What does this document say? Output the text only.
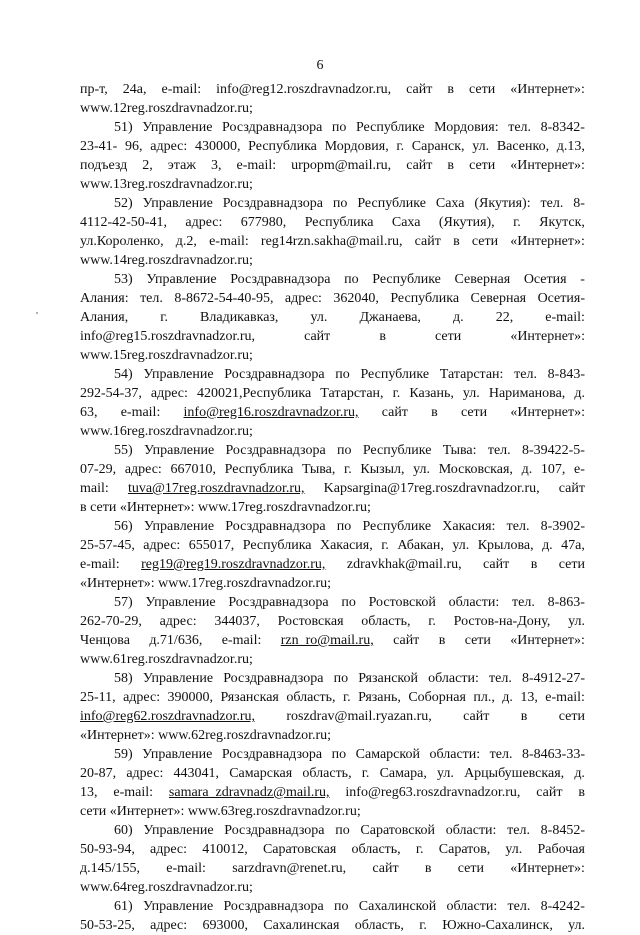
6
пр-т, 24а, e-mail: info@reg12.roszdravnadzor.ru, сайт в сети «Интернет»:
www.12reg.roszdravnadzor.ru;
51) Управление Росздравнадзора по Республике Мордовия: тел. 8-8342-
23-41- 96, адрес: 430000, Республика Мордовия, г. Саранск, ул. Васенко, д.13,
подъезд 2, этаж 3, e-mail: urpopm@mail.ru, сайт в сети «Интернет»:
www.13reg.roszdravnadzor.ru;
52) Управление Росздравнадзора по Республике Саха (Якутия): тел. 8-
4112-42-50-41, адрес: 677980, Республика Саха (Якутия), г. Якутск,
ул.Короленко, д.2, e-mail: reg14rzn.sakha@mail.ru, сайт в сети «Интернет»:
www.14reg.roszdravnadzor.ru;
53) Управление Росздравнадзора по Республике Северная Осетия -
Алания: тел. 8-8672-54-40-95, адрес: 362040, Республика Северная Осетия-
Алания, г. Владикавказ, ул. Джанаева, д. 22, e-mail:
info@reg15.roszdravnadzor.ru,	сайт	в	сети	«Интернет»:
www.15reg.roszdravnadzor.ru;
54) Управление Росздравнадзора по Республике Татарстан: тел. 8-843-
292-54-37, адрес: 420021,Республика Татарстан, г. Казань, ул. Нариманова, д.
63, e-mail: info@reg16.roszdravnadzor.ru, сайт в сети «Интернет»:
www.16reg.roszdravnadzor.ru;
55) Управление Росздравнадзора по Республике Тыва: тел. 8-39422-5-
07-29, адрес: 667010, Республика Тыва, г. Кызыл, ул. Московская, д. 107, e-
mail: tuva@17reg.roszdravnadzor.ru, Kapsargina@17reg.roszdravnadzor.ru, сайт
в сети «Интернет»: www.17reg.roszdravnadzor.ru;
56) Управление Росздравнадзора по Республике Хакасия: тел. 8-3902-
25-57-45, адрес: 655017, Республика Хакасия, г. Абакан, ул. Крылова, д. 47а,
e-mail: reg19@reg19.roszdravnadzor.ru, zdravkhak@mail.ru, сайт в сети
«Интернет»: www.17reg.roszdravnadzor.ru;
57) Управление Росздравнадзора по Ростовской области: тел. 8-863-
262-70-29, адрес: 344037, Ростовская область, г. Ростов-на-Дону, ул.
Ченцова д.71/636, e-mail: rzn_ro@mail.ru, сайт в сети «Интернет»:
www.61reg.roszdravnadzor.ru;
58) Управление Росздравнадзора по Рязанской области: тел. 8-4912-27-
25-11, адрес: 390000, Рязанская область, г. Рязань, Соборная пл., д. 13, e-mail:
info@reg62.roszdravnadzor.ru, roszdrav@mail.ryazan.ru, сайт в сети
«Интернет»: www.62reg.roszdravnadzor.ru;
59) Управление Росздравнадзора по Самарской области: тел. 8-8463-33-
20-87, адрес: 443041, Самарская область, г. Самара, ул. Арцыбушевская, д.
13, e-mail: samara_zdravnadz@mail.ru, info@reg63.roszdravnadzor.ru, сайт в
сети «Интернет»: www.63reg.roszdravnadzor.ru;
60) Управление Росздравнадзора по Саратовской области: тел. 8-8452-
50-93-94, адрес: 410012, Саратовская область, г. Саратов, ул. Рабочая
д.145/155, e-mail: sarzdravn@renet.ru, сайт в сети «Интернет»:
www.64reg.roszdravnadzor.ru;
61) Управление Росздравнадзора по Сахалинской области: тел. 8-4242-
50-53-25, адрес: 693000, Сахалинская область, г. Южно-Сахалинск, ул.
